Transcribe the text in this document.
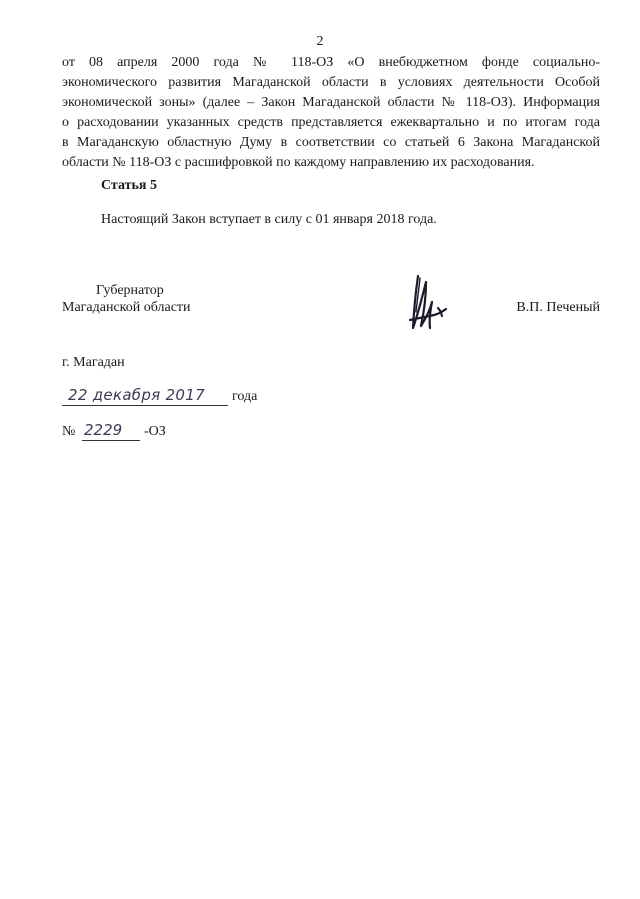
2
от 08 апреля 2000 года № 118-ОЗ «О внебюджетном фонде социально-
экономического развития Магаданской области в условиях деятельности Особой
экономической зоны» (далее – Закон Магаданской области № 118-ОЗ). Информация
о расходовании указанных средств представляется ежеквартально и по итогам года
в Магаданскую областную Думу в соответствии со статьей 6 Закона Магаданской
области № 118-ОЗ с расшифровкой по каждому направлению их расходования.
Статья 5
Настоящий Закон вступает в силу с 01 января 2018 года.
Губернатор
Магаданской области	В.П. Печеный
г. Магадан
22 декабря 2017 года
№ 2229 -ОЗ
